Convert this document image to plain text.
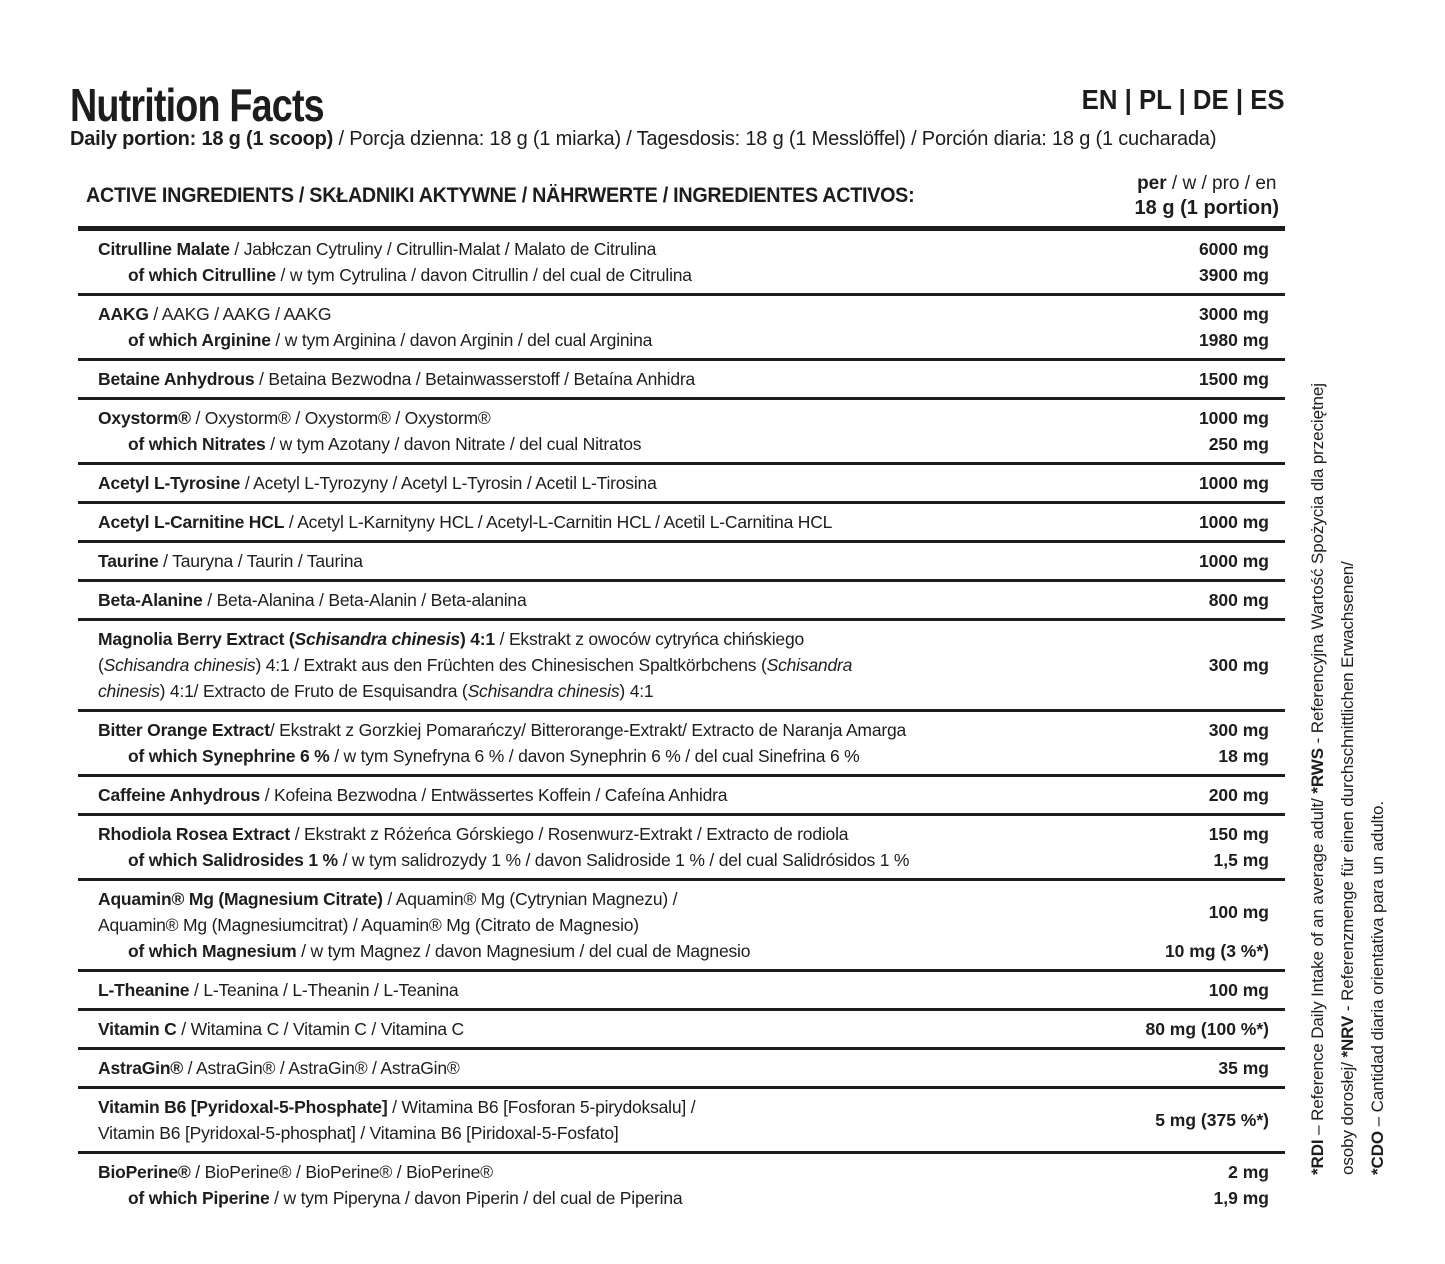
Nutrition Facts	EN | PL | DE | ES

Daily portion: 18 g (1 scoop) / Porcja dzienna: 18 g (1 miarka) / Tagesdosis: 18 g (1 Messlöffel) / Porción diaria: 18 g (1 cucharada)

ACTIVE INGREDIENTS / SKŁADNIKI AKTYWNE / NÄHRWERTE / INGREDIENTES ACTIVOS:
per / w / pro / en
18 g (1 portion)
Citrulline Malate / Jabłczan Cytruliny / Citrullin-Malat / Malato de Citrulina	6000 mg
of which Citrulline / w tym Cytrulina / davon Citrullin / del cual de Citrulina	3900 mg
AAKG / AAKG / AAKG / AAKG	3000 mg
of which Arginine / w tym Arginina / davon Arginin / del cual Arginina	1980 mg
Betaine Anhydrous / Betaina Bezwodna / Betainwasserstoff / Betaína Anhidra	1500 mg
Oxystorm® / Oxystorm® / Oxystorm® / Oxystorm®	1000 mg
of which Nitrates / w tym Azotany / davon Nitrate / del cual Nitratos	250 mg
Acetyl L-Tyrosine / Acetyl L-Tyrozyny / Acetyl L-Tyrosin / Acetil L-Tirosina	1000 mg
Acetyl L-Carnitine HCL / Acetyl L-Karnityny HCL / Acetyl-L-Carnitin HCL / Acetil L-Carnitina HCL	1000 mg
Taurine / Tauryna / Taurin / Taurina	1000 mg
Beta-Alanine / Beta-Alanina / Beta-Alanin / Beta-alanina	800 mg
Magnolia Berry Extract (Schisandra chinesis) 4:1 / Ekstrakt z owoców cytryńca chińskiego
(Schisandra chinesis) 4:1 / Extrakt aus den Früchten des Chinesischen Spaltkörbchens (Schisandra
chinesis) 4:1/ Extracto de Fruto de Esquisandra (Schisandra chinesis) 4:1
300 mg
Bitter Orange Extract/ Ekstrakt z Gorzkiej Pomarańczy/ Bitterorange-Extrakt/ Extracto de Naranja Amarga	300 mg
of which Synephrine 6 % / w tym Synefryna 6 % / davon Synephrin 6 % / del cual Sinefrina 6 %	18 mg
Caffeine Anhydrous / Kofeina Bezwodna / Entwässertes Koffein / Cafeína Anhidra	200 mg
Rhodiola Rosea Extract / Ekstrakt z Różeńca Górskiego / Rosenwurz-Extrakt / Extracto de rodiola	150 mg
of which Salidrosides 1 % / w tym salidrozydy 1 % / davon Salidroside 1 % / del cual Salidrósidos 1 %	1,5 mg
Aquamin® Mg (Magnesium Citrate) / Aquamin® Mg (Cytrynian Magnezu) /
Aquamin® Mg (Magnesiumcitrat) / Aquamin® Mg (Citrato de Magnesio)
100 mg
of which Magnesium / w tym Magnez / davon Magnesium / del cual de Magnesio	10 mg (3 %*)
L-Theanine / L-Teanina / L-Theanin / L-Teanina	100 mg
Vitamin C / Witamina C / Vitamin C / Vitamina C	80 mg (100 %*)
AstraGin® / AstraGin® / AstraGin® / AstraGin®	35 mg
Vitamin B6 [Pyridoxal-5-Phosphate] / Witamina B6 [Fosforan 5-pirydoksalu] /
Vitamin B6 [Pyridoxal-5-phosphat] / Vitamina B6 [Piridoxal-5-Fosfato]
5 mg (375 %*)
BioPerine® / BioPerine® / BioPerine® / BioPerine®	2 mg
of which Piperine / w tym Piperyna / davon Piperin / del cual de Piperina	1,9 mg
*RDI – Reference Daily Intake of an average adult/ *RWS - Referencyjna Wartość Spożycia dla przeciętnej
osoby dorosłej/ *NRV - Referenzmenge für einen durchschnittlichen Erwachsenen/
*CDO – Cantidad diaria orientativa para un adulto.
